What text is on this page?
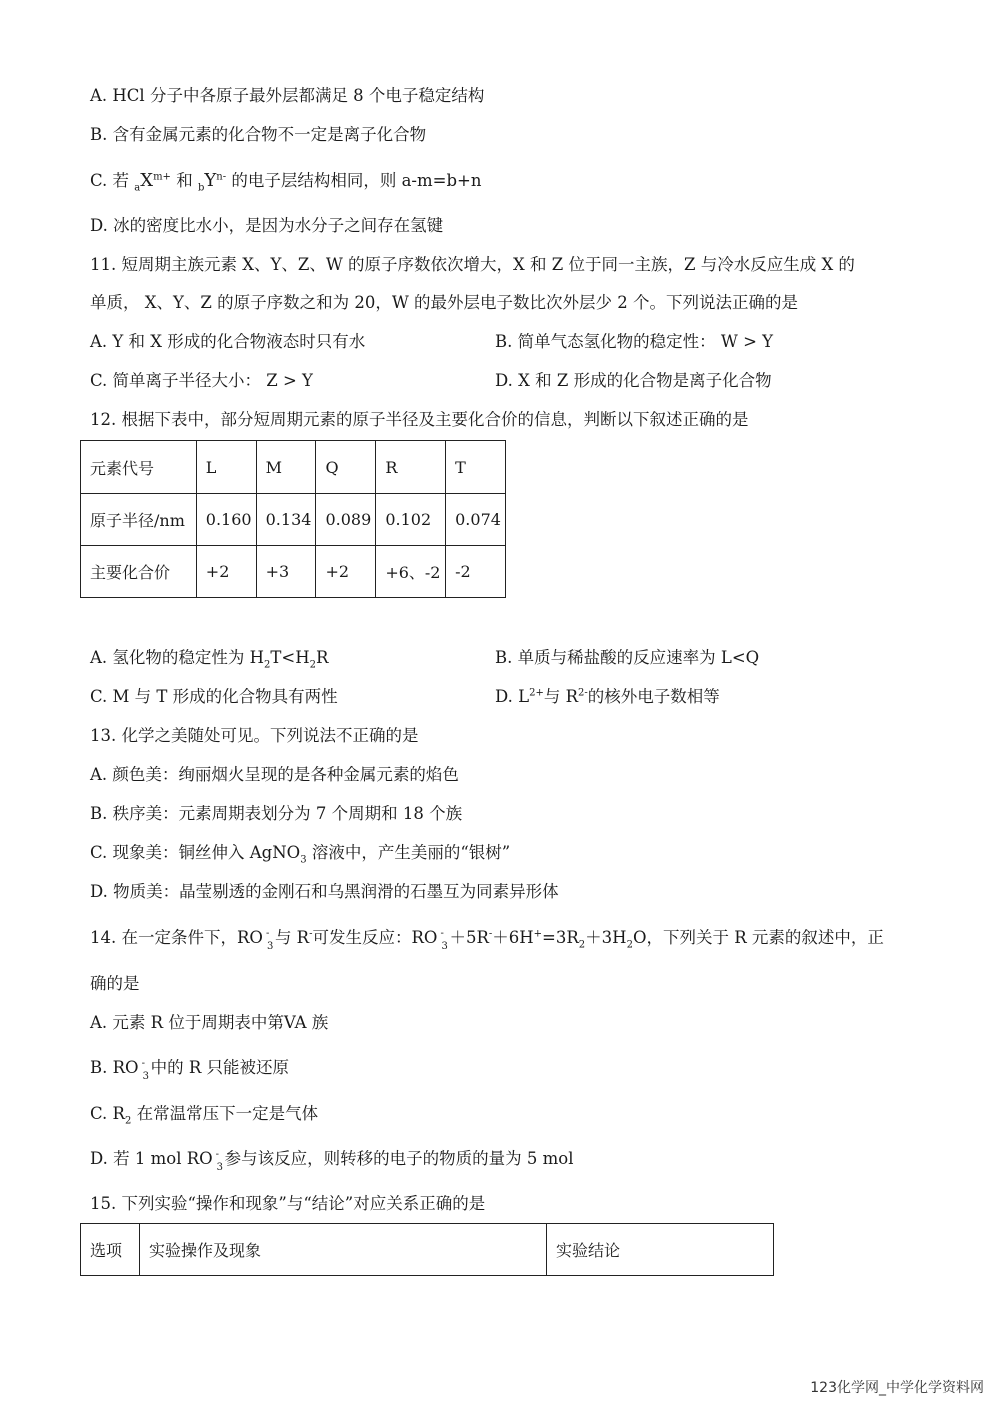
A. HCl 分子中各原子最外层都满足 8 个电子稳定结构
B. 含有金属元素的化合物不一定是离子化合物
C. 若 $_aX^{m+}$ 和 $_bY^{n-}$ 的电子层结构相同，则 a-m=b+n
D. 冰的密度比水小，是因为水分子之间存在氢键
11. 短周期主族元素 X、Y、Z、W 的原子序数依次增大，X 和 Z 位于同一主族，Z 与冷水反应生成 X 的
单质， X、Y、Z 的原子序数之和为 20，W 的最外层电子数比次外层少 2 个。下列说法正确的是
A. Y 和 X 形成的化合物液态时只有水	B. 简单气态氢化物的稳定性： W > Y
C. 简单离子半径大小： Z > Y	D. X 和 Z 形成的化合物是离子化合物
12. 根据下表中，部分短周期元素的原子半径及主要化合价的信息，判断以下叙述正确的是
元素代号	L	M	Q	R	T
原子半径/nm	0.160	0.134	0.089	0.102	0.074
主要化合价	+2	+3	+2	+6、-2	-2
A. 氢化物的稳定性为 $H_2T<H_2R$	B. 单质与稀盐酸的反应速率为 L<Q
C. M 与 T 形成的化合物具有两性	D. $L^{2+}$与 $R^{2-}$的核外电子数相等
13. 化学之美随处可见。下列说法不正确的是
A. 颜色美：绚丽烟火呈现的是各种金属元素的焰色
B. 秩序美：元素周期表划分为 7 个周期和 18 个族
C. 现象美：铜丝伸入 AgNO$_3$ 溶液中，产生美丽的“银树”
D. 物质美：晶莹剔透的金刚石和乌黑润滑的石墨互为同素异形体
14. 在一定条件下，RO -
3 与 R-可发生反应：RO -
$3 +5R^-+6H^+=3R_2+3H_2O$，下列关于 R 元素的叙述中，正
确的是
A. 元素 R 位于周期表中第VA 族
B. RO -
3 中的 R 只能被还原
C. $R_2$ 在常温常压下一定是气体
D. 若 1 mol RO -
3 参与该反应，则转移的电子的物质的量为 5 mol
15. 下列实验“操作和现象”与“结论”对应关系正确的是
选项	实验操作及现象	实验结论
123化学网_中学化学资料网
